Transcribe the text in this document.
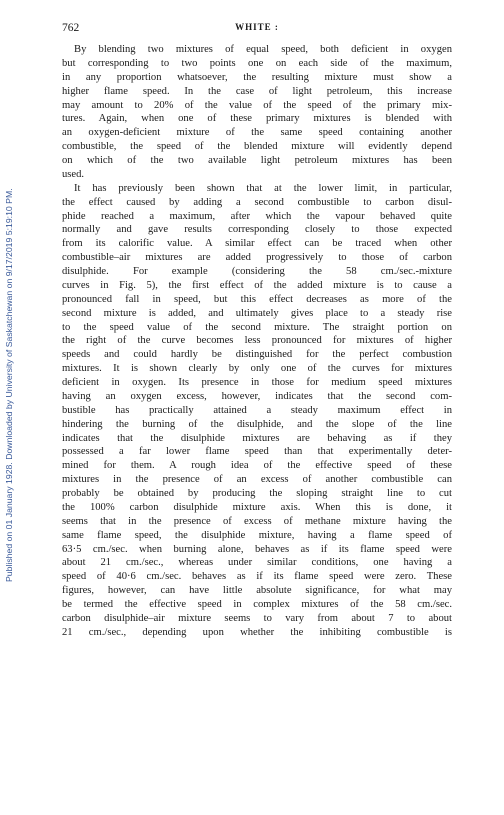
762	WHITE :
Published on 01 January 1928. Downloaded by University of Saskatchewan on 9/17/2019 5:19:10 PM.
By blending two mixtures of equal speed, both deficient in oxygen
but corresponding to two points one on each side of the maximum,
in any proportion whatsoever, the resulting mixture must show a
higher flame speed. In the case of light petroleum, this increase
may amount to 20% of the value of the speed of the primary mix-
tures. Again, when one of these primary mixtures is blended with
an oxygen-deficient mixture of the same speed containing another
combustible, the speed of the blended mixture will evidently depend
on which of the two available light petroleum mixtures has been
used.
It has previously been shown that at the lower limit, in particular,
the effect caused by adding a second combustible to carbon disul-
phide reached a maximum, after which the vapour behaved quite
normally and gave results corresponding closely to those expected
from its calorific value. A similar effect can be traced when other
combustible–air mixtures are added progressively to those of carbon
disulphide. For example (considering the 58 cm./sec.-mixture
curves in Fig. 5), the first effect of the added mixture is to cause a
pronounced fall in speed, but this effect decreases as more of the
second mixture is added, and ultimately gives place to a steady rise
to the speed value of the second mixture. The straight portion on
the right of the curve becomes less pronounced for mixtures of higher
speeds and could hardly be distinguished for the perfect combustion
mixtures. It is shown clearly by only one of the curves for mixtures
deficient in oxygen. Its presence in those for medium speed mixtures
having an oxygen excess, however, indicates that the second com-
bustible has practically attained a steady maximum effect in
hindering the burning of the disulphide, and the slope of the line
indicates that the disulphide mixtures are behaving as if they
possessed a far lower flame speed than that experimentally deter-
mined for them. A rough idea of the effective speed of these
mixtures in the presence of an excess of another combustible can
probably be obtained by producing the sloping straight line to cut
the 100% carbon disulphide mixture axis. When this is done, it
seems that in the presence of excess of methane mixture having the
same flame speed, the disulphide mixture, having a flame speed of
63·5 cm./sec. when burning alone, behaves as if its flame speed were
about 21 cm./sec., whereas under similar conditions, one having a
speed of 40·6 cm./sec. behaves as if its flame speed were zero. These
figures, however, can have little absolute significance, for what may
be termed the effective speed in complex mixtures of the 58 cm./sec.
carbon disulphide–air mixture seems to vary from about 7 to about
21 cm./sec., depending upon whether the inhibiting combustible is
